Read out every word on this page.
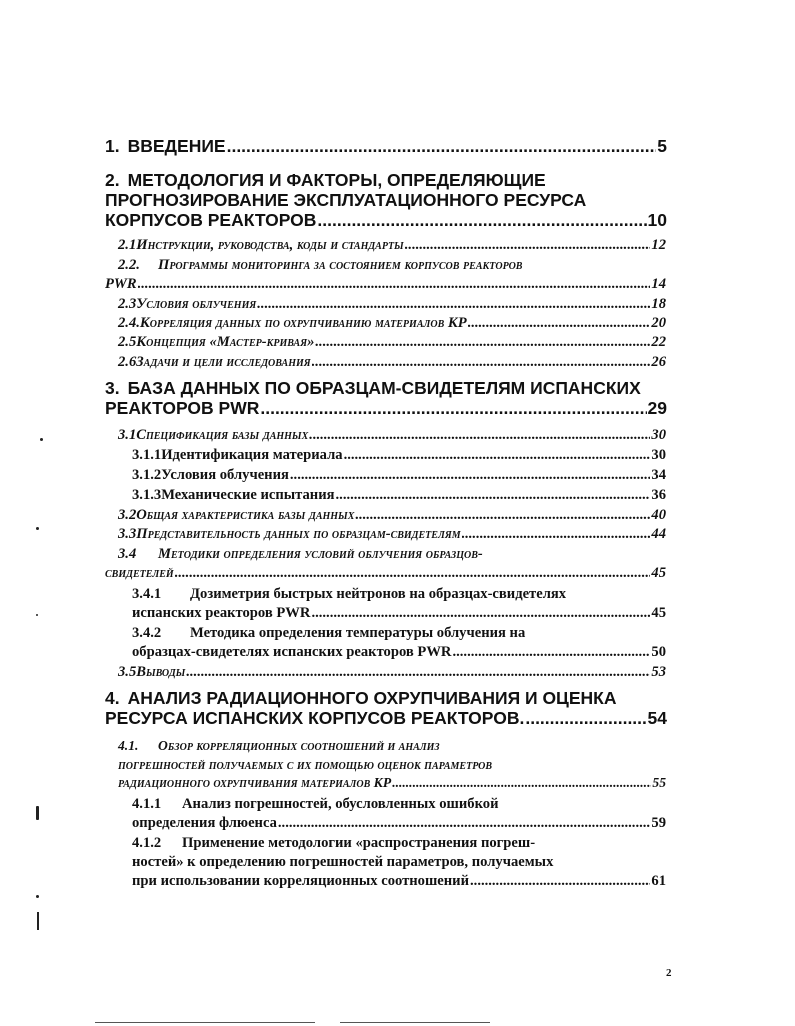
1. ВВЕДЕНИЕ .....	5
2. МЕТОДОЛОГИЯ И ФАКТОРЫ, ОПРЕДЕЛЯЮЩИЕ
ПРОГНОЗИРОВАНИЕ ЭКСПЛУАТАЦИОННОГО РЕСУРСА
КОРПУСОВ РЕАКТОРОВ .....	10
2.1 Инструкции, руководства, коды и стандарты .....	12
2.2. Программы мониторинга за состоянием корпусов реакторов
PWR .....	14
2.3 Условия облучения .....	18
2.4. Корреляция данных по охрупчиванию материалов КР .....	20
2.5 Концепция «Мастер-кривая» .....	22
2.6 Задачи и цели исследования .....	26
3. БАЗА ДАННЫХ ПО ОБРАЗЦАМ-СВИДЕТЕЛЯМ ИСПАНСКИХ
РЕАКТОРОВ PWR .....	29
3.1 Спецификация базы данных .....	30
3.1.1 Идентификация материала .....	30
3.1.2 Условия облучения .....	34
3.1.3 Механические испытания .....	36
3.2 Общая характеристика базы данных .....	40
3.3 Представительность данных по образцам-свидетелям .....	44
3.4 Методики определения условий облучения образцов-
свидетелей .....	45
3.4.1 Дозиметрия быстрых нейтронов на образцах-свидетелях
испанских реакторов PWR .....	45
3.4.2 Методика определения температуры облучения на
образцах-свидетелях испанских реакторов PWR .....	50
3.5 Выводы .....	53
4. АНАЛИЗ РАДИАЦИОННОГО ОХРУПЧИВАНИЯ И ОЦЕНКА
РЕСУРСА ИСПАНСКИХ КОРПУСОВ РЕАКТОРОВ. .....	54
4.1. Обзор корреляционных соотношений и анализ
погрешностей получаемых с их помощью оценок параметров
радиационного охрупчивания материалов КР .....	55
4.1.1 Анализ погрешностей, обусловленных ошибкой
определения флюенса .....	59
4.1.2 Применение методологии «распространения погреш-
ностей» к определению погрешностей параметров, получаемых
при использовании корреляционных соотношений .....	61
2
